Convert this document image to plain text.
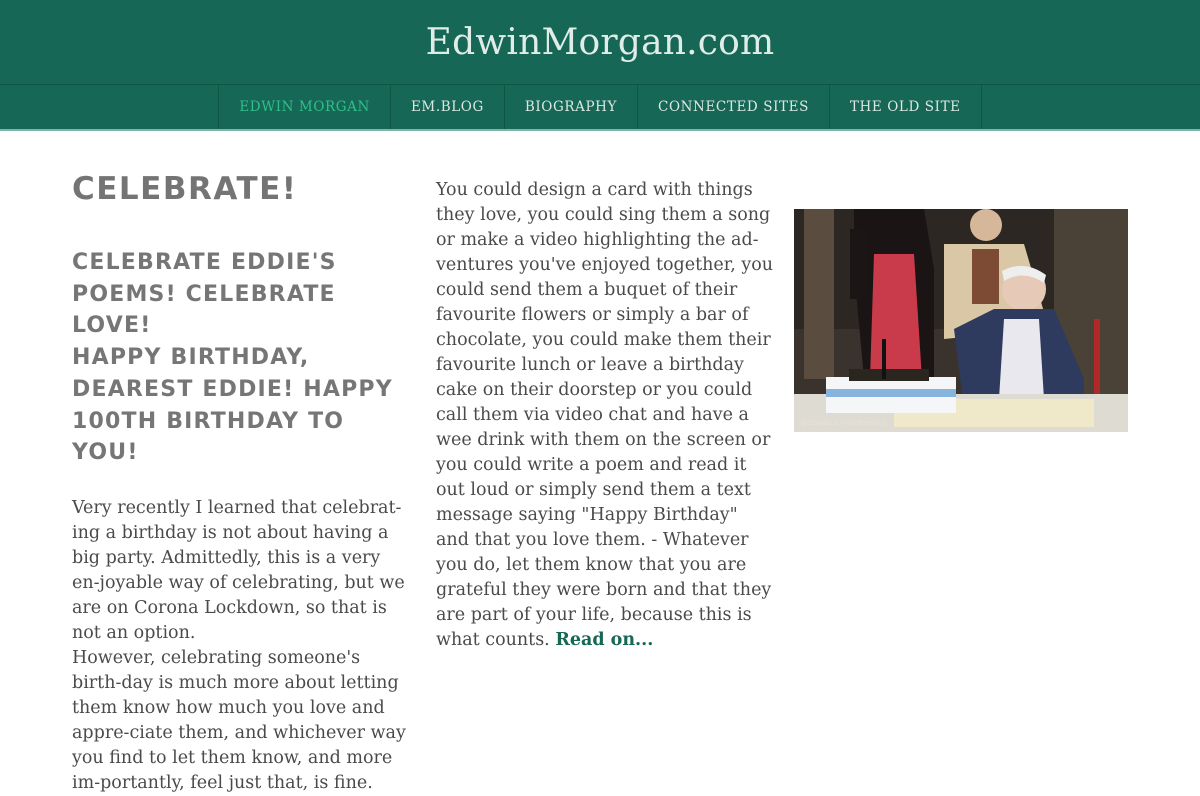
EdwinMorgan.com
EDWIN MORGAN	EM.BLOG	BIOGRAPHY	CONNECTED SITES	THE OLD SITE
CELEBRATE!
CELEBRATE EDDIE'S POEMS! CELEBRATE LOVE!
HAPPY BIRTHDAY, DEAREST EDDIE! HAPPY 100TH BIRTHDAY TO YOU!

Very recently I learned that celebrat-ing a birthday is not about having a big party. Admittedly, this is a very en-joyable way of celebrating, but we are on Corona Lockdown, so that is not an option.

However, celebrating someone's birth-day is much more about letting them know how much you love and appre-ciate them, and whichever way you find to let them know, and more im-portantly, feel just that, is fine.

You could design a card with things they love, you could sing them a song or make a video highlighting the ad-ventures you've enjoyed together, you could send them a buquet of their favourite flowers or simply a bar of chocolate, you could make them their favourite lunch or leave a birthday cake on their doorstep or you could call them via video chat and have a wee drink with them on the screen or you could write a poem and read it out loud or simply send them a text message saying "Happy Birthday" and that you love them. - Whatever you do, let them know that you are grateful they were born and that they are part of your life, because this is what counts. Read on...

@claudia.e.kraszkiewicz
